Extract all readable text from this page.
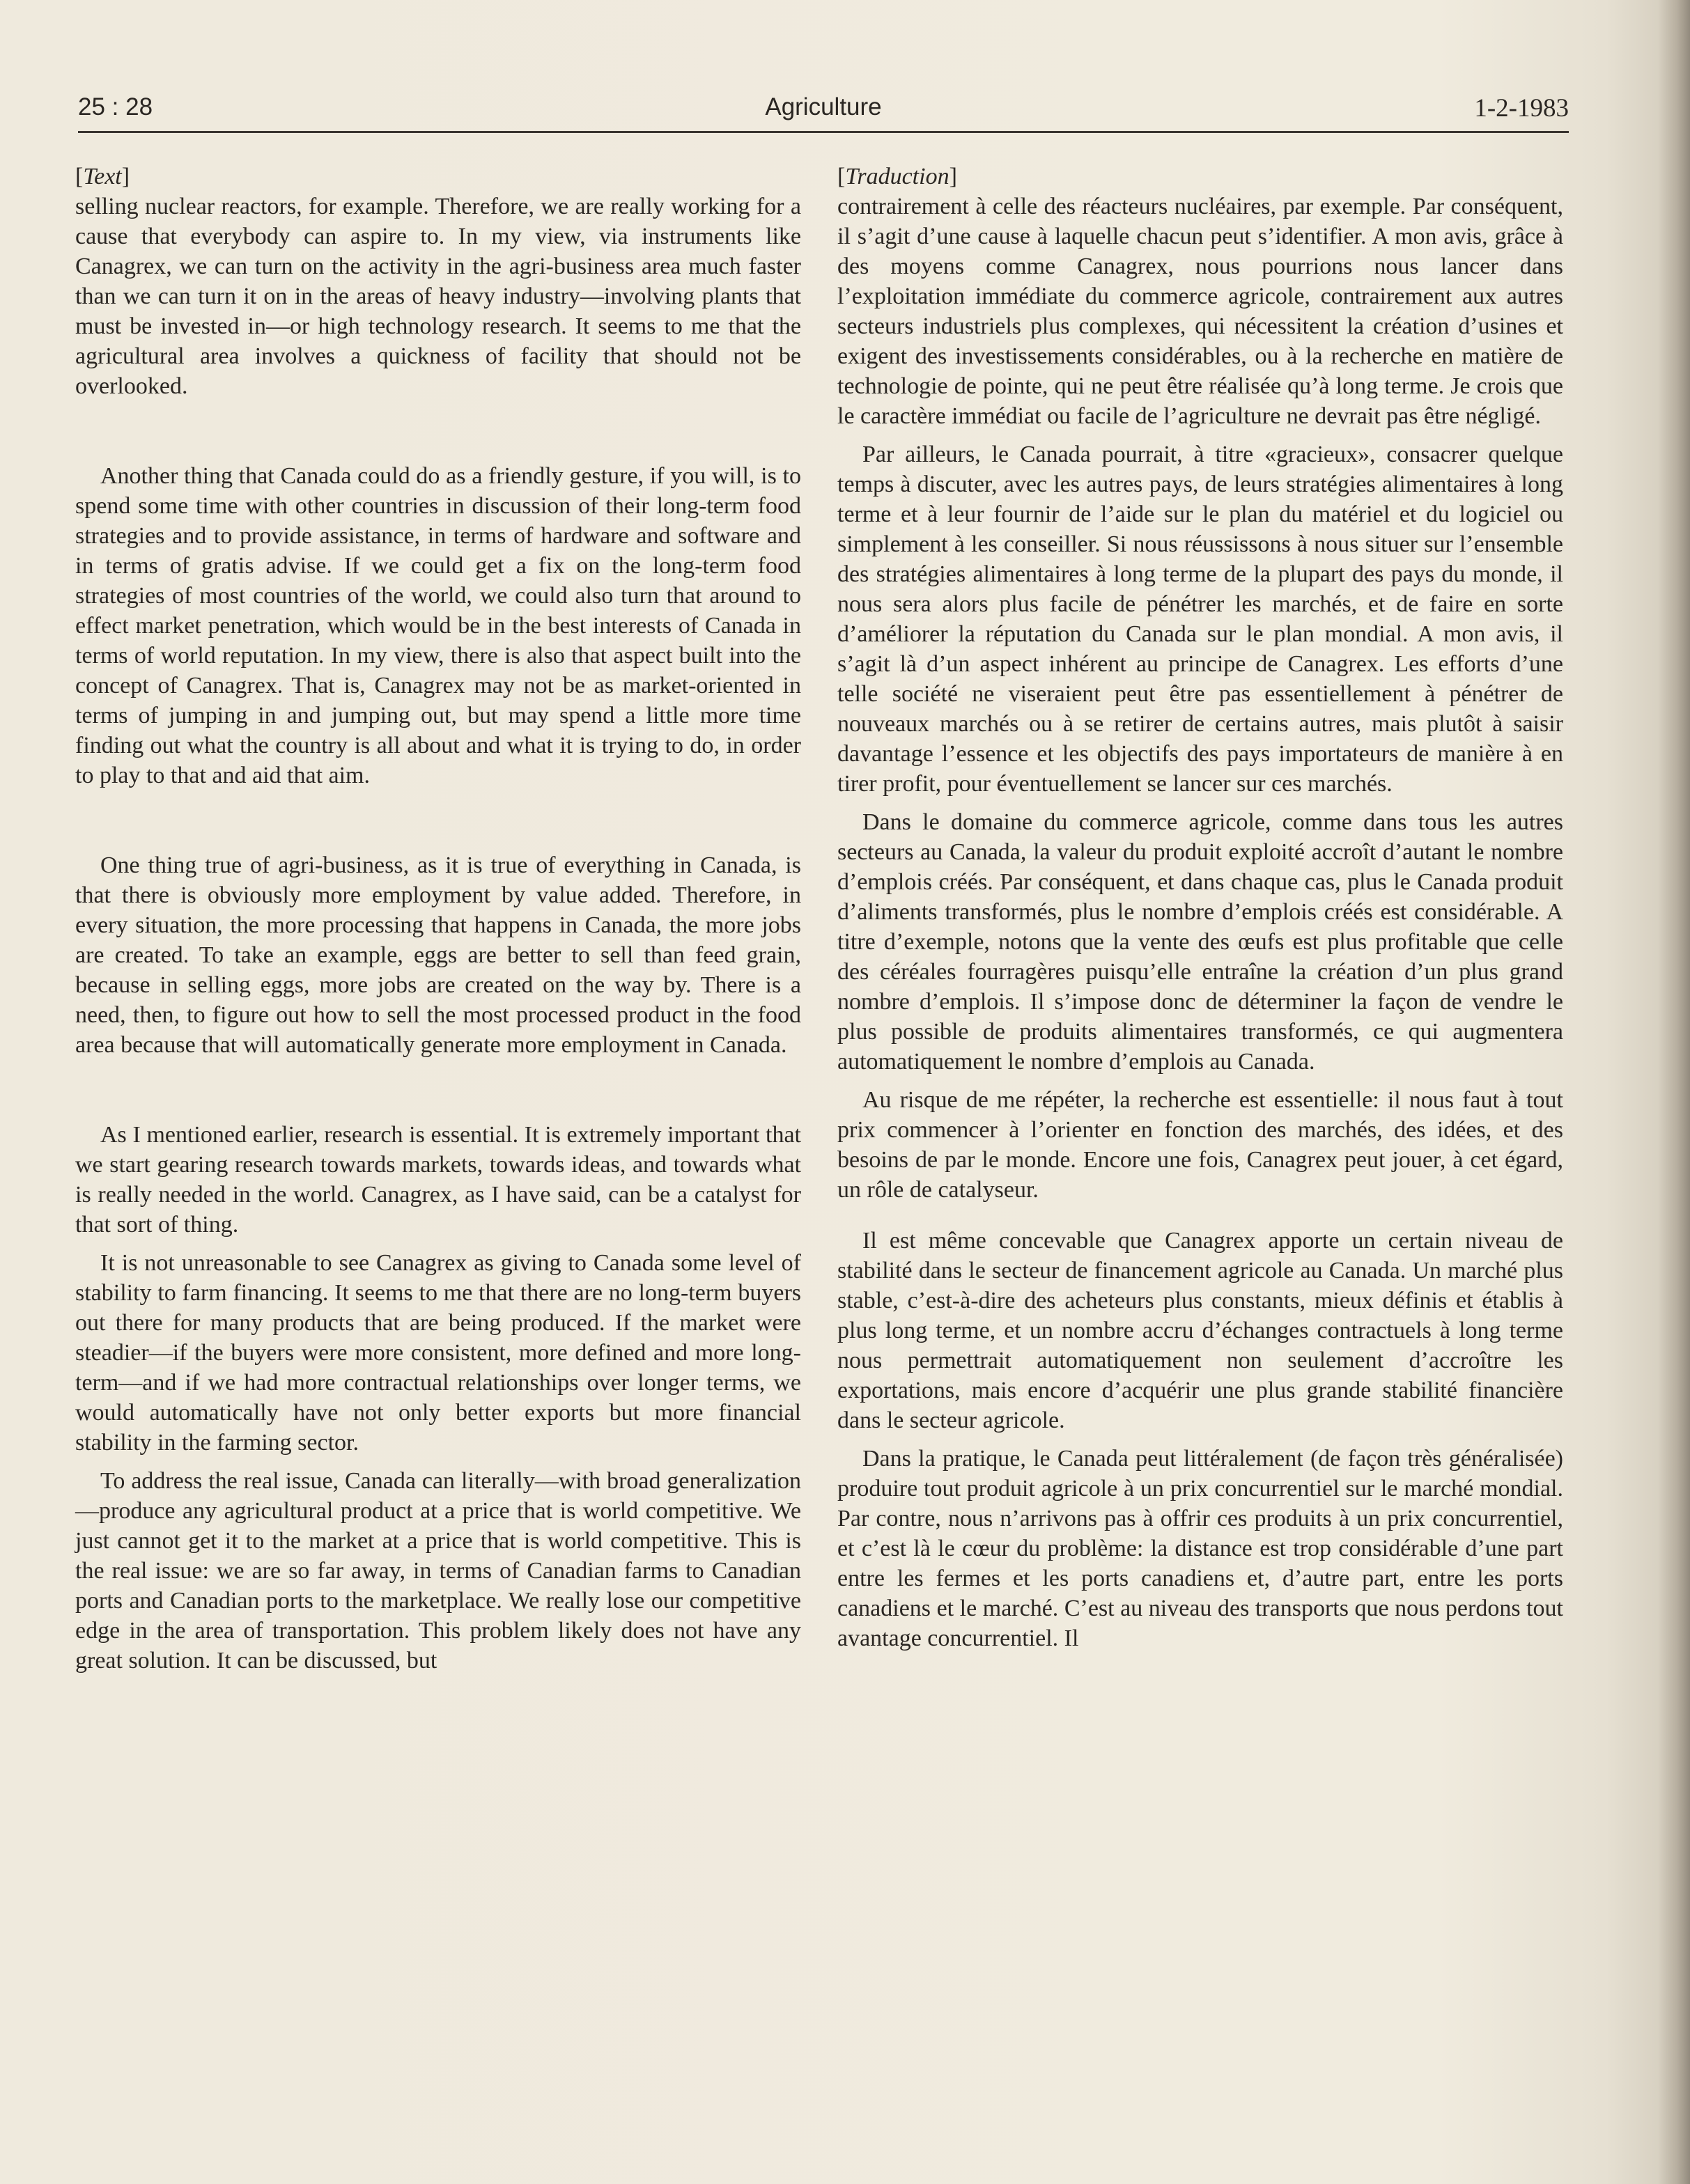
25 : 28	Agriculture	1-2-1983
[Text]

selling nuclear reactors, for example. Therefore, we are really working for a cause that everybody can aspire to. In my view, via instruments like Canagrex, we can turn on the activity in the agri-business area much faster than we can turn it on in the areas of heavy industry—involving plants that must be invested in—or high technology research. It seems to me that the agricultural area involves a quickness of facility that should not be overlooked.

Another thing that Canada could do as a friendly gesture, if you will, is to spend some time with other countries in discussion of their long-term food strategies and to provide assistance, in terms of hardware and software and in terms of gratis advise. If we could get a fix on the long-term food strategies of most countries of the world, we could also turn that around to effect market penetration, which would be in the best interests of Canada in terms of world reputation. In my view, there is also that aspect built into the concept of Canagrex. That is, Canagrex may not be as market-oriented in terms of jumping in and jumping out, but may spend a little more time finding out what the country is all about and what it is trying to do, in order to play to that and aid that aim.

One thing true of agri-business, as it is true of everything in Canada, is that there is obviously more employment by value added. Therefore, in every situation, the more processing that happens in Canada, the more jobs are created. To take an example, eggs are better to sell than feed grain, because in selling eggs, more jobs are created on the way by. There is a need, then, to figure out how to sell the most processed product in the food area because that will automatically generate more employment in Canada.

As I mentioned earlier, research is essential. It is extremely important that we start gearing research towards markets, towards ideas, and towards what is really needed in the world. Canagrex, as I have said, can be a catalyst for that sort of thing.

It is not unreasonable to see Canagrex as giving to Canada some level of stability to farm financing. It seems to me that there are no long-term buyers out there for many products that are being produced. If the market were steadier—if the buyers were more consistent, more defined and more long-term—and if we had more contractual relationships over longer terms, we would automatically have not only better exports but more financial stability in the farming sector.

To address the real issue, Canada can literally—with broad generalization—produce any agricultural product at a price that is world competitive. We just cannot get it to the market at a price that is world competitive. This is the real issue: we are so far away, in terms of Canadian farms to Canadian ports and Canadian ports to the marketplace. We really lose our competitive edge in the area of transportation. This problem likely does not have any great solution. It can be discussed, but

[Traduction]

contrairement à celle des réacteurs nucléaires, par exemple. Par conséquent, il s’agit d’une cause à laquelle chacun peut s’identifier. A mon avis, grâce à des moyens comme Canagrex, nous pourrions nous lancer dans l’exploitation immédiate du commerce agricole, contrairement aux autres secteurs industriels plus complexes, qui nécessitent la création d’usines et exigent des investissements considérables, ou à la recherche en matière de technologie de pointe, qui ne peut être réalisée qu’à long terme. Je crois que le caractère immédiat ou facile de l’agriculture ne devrait pas être négligé.

Par ailleurs, le Canada pourrait, à titre «gracieux», consacrer quelque temps à discuter, avec les autres pays, de leurs stratégies alimentaires à long terme et à leur fournir de l’aide sur le plan du matériel et du logiciel ou simplement à les conseiller. Si nous réussissons à nous situer sur l’ensemble des stratégies alimentaires à long terme de la plupart des pays du monde, il nous sera alors plus facile de pénétrer les marchés, et de faire en sorte d’améliorer la réputation du Canada sur le plan mondial. A mon avis, il s’agit là d’un aspect inhérent au principe de Canagrex. Les efforts d’une telle société ne viseraient peut être pas essentiellement à pénétrer de nouveaux marchés ou à se retirer de certains autres, mais plutôt à saisir davantage l’essence et les objectifs des pays importateurs de manière à en tirer profit, pour éventuellement se lancer sur ces marchés.

Dans le domaine du commerce agricole, comme dans tous les autres secteurs au Canada, la valeur du produit exploité accroît d’autant le nombre d’emplois créés. Par conséquent, et dans chaque cas, plus le Canada produit d’aliments transformés, plus le nombre d’emplois créés est considérable. A titre d’exemple, notons que la vente des œufs est plus profitable que celle des céréales fourragères puisqu’elle entraîne la création d’un plus grand nombre d’emplois. Il s’impose donc de déterminer la façon de vendre le plus possible de produits alimentaires transformés, ce qui augmentera automatiquement le nombre d’emplois au Canada.

Au risque de me répéter, la recherche est essentielle: il nous faut à tout prix commencer à l’orienter en fonction des marchés, des idées, et des besoins de par le monde. Encore une fois, Canagrex peut jouer, à cet égard, un rôle de catalyseur.

Il est même concevable que Canagrex apporte un certain niveau de stabilité dans le secteur de financement agricole au Canada. Un marché plus stable, c’est-à-dire des acheteurs plus constants, mieux définis et établis à plus long terme, et un nombre accru d’échanges contractuels à long terme nous permettrait automatiquement non seulement d’accroître les exportations, mais encore d’acquérir une plus grande stabilité financière dans le secteur agricole.

Dans la pratique, le Canada peut littéralement (de façon très généralisée) produire tout produit agricole à un prix concurrentiel sur le marché mondial. Par contre, nous n’arrivons pas à offrir ces produits à un prix concurrentiel, et c’est là le cœur du problème: la distance est trop considérable d’une part entre les fermes et les ports canadiens et, d’autre part, entre les ports canadiens et le marché. C’est au niveau des transports que nous perdons tout avantage concurrentiel. Il
